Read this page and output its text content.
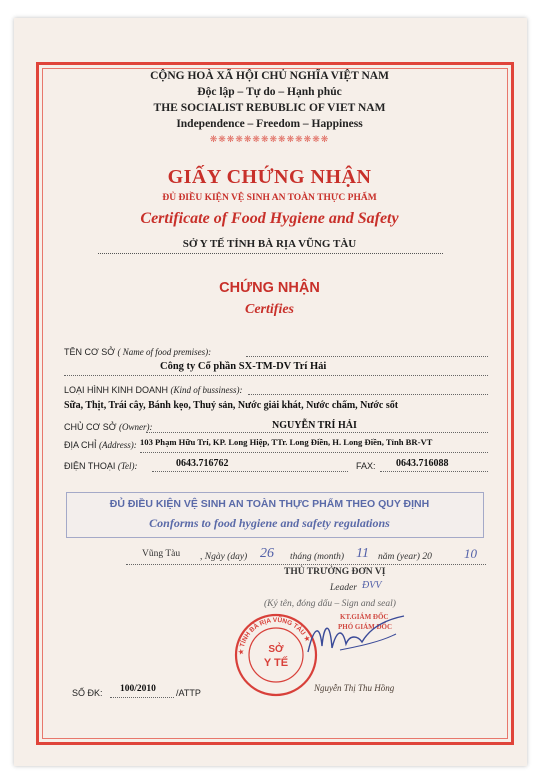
CỘNG HOÀ XÃ HỘI CHỦ NGHĨA VIỆT NAM
Độc lập – Tự do – Hạnh phúc
THE SOCIALIST REBUBLIC OF VIET NAM
Independence – Freedom – Happiness
❋❋❋❋❋❋❋❋❋❋❋❋❋❋
GIẤY CHỨNG NHẬN
ĐỦ ĐIỀU KIỆN VỆ SINH AN TOÀN THỰC PHẨM
Certificate of Food Hygiene and Safety
SỞ Y TẾ TỈNH BÀ RỊA VŨNG TÀU
CHỨNG NHẬN
Certifies
TÊN CƠ SỞ ( Name of food premises):
Công ty Cổ phần SX-TM-DV Trí Hải
LOẠI HÌNH KINH DOANH (Kind of bussiness):
Sữa, Thịt, Trái cây, Bánh kẹo, Thuỷ sản, Nước giải khát, Nước chấm, Nước sốt
CHỦ CƠ SỞ (Owner):	NGUYỄN TRÍ HẢI
ĐỊA CHỈ (Address): 103 Phạm Hữu Trí, KP. Long Hiệp, TTr. Long Điền, H. Long Điền, Tỉnh BR-VT
ĐIỆN THOẠI (Tel):	0643.716762	FAX: 0643.716088
ĐỦ ĐIỀU KIỆN VỆ SINH AN TOÀN THỰC PHẨM THEO QUY ĐỊNH
Conforms to food hygiene and safety regulations
Vũng Tàu , Ngày (day) 26 tháng (month) 11 năm (year) 20 10
THỦ TRƯỞNG ĐƠN VỊ
Leader ĐVV
(Ký tên, đóng dấu – Sign and seal)
KT.GIÁM ĐỐC
PHÓ GIÁM ĐỐC
★ TỈNH BÀ RỊA VŨNG TÀU ★
SỞ
Y TẾ
Nguyễn Thị Thu Hồng
SỐ ĐK: 100/2010 /ATTP
